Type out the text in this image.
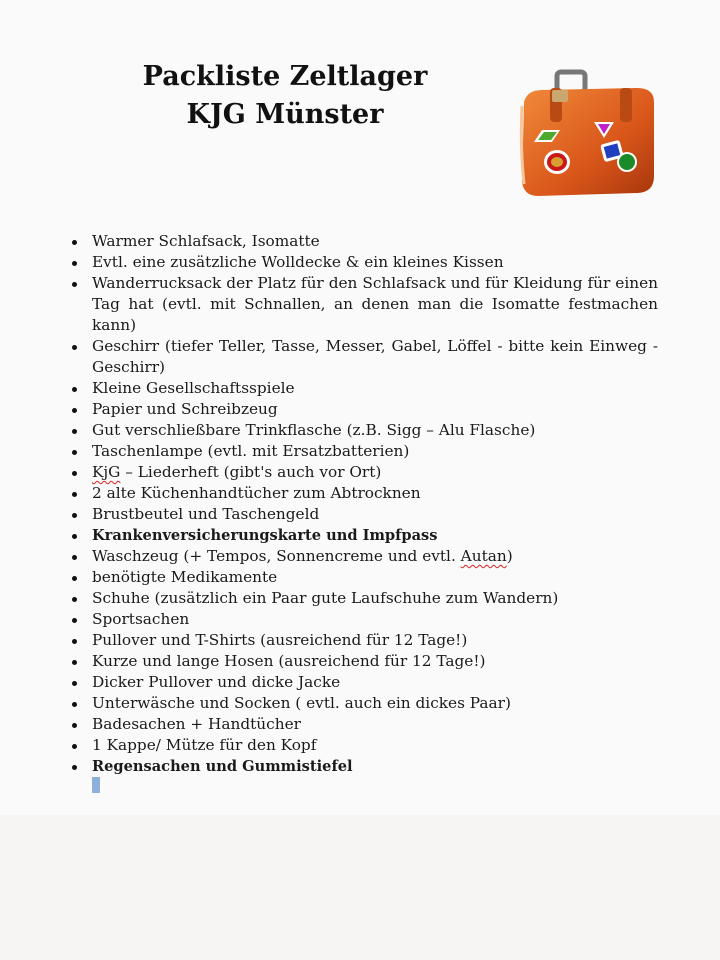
Packliste Zeltlager
KJG Münster
Warmer Schlafsack, Isomatte
Evtl. eine zusätzliche Wolldecke & ein kleines Kissen
Wanderrucksack der Platz für den Schlafsack und für Kleidung für einen Tag hat (evtl. mit Schnallen, an denen man die Isomatte festmachen kann)
Geschirr (tiefer Teller, Tasse, Messer, Gabel, Löffel - bitte kein Einweg - Geschirr)
Kleine Gesellschaftsspiele
Papier und Schreibzeug
Gut verschließbare Trinkflasche (z.B. Sigg – Alu Flasche)
Taschenlampe (evtl. mit Ersatzbatterien)
KjG – Liederheft (gibt's auch vor Ort)
2 alte Küchenhandtücher zum Abtrocknen
Brustbeutel und Taschengeld
Krankenversicherungskarte und Impfpass
Waschzeug (+ Tempos, Sonnencreme und evtl. Autan)
benötigte Medikamente
Schuhe (zusätzlich ein Paar gute Laufschuhe zum Wandern)
Sportsachen
Pullover und T-Shirts (ausreichend für 12 Tage!)
Kurze und lange Hosen (ausreichend für 12 Tage!)
Dicker Pullover und dicke Jacke
Unterwäsche und Socken ( evtl. auch ein dickes Paar)
Badesachen + Handtücher
1 Kappe/ Mütze für den Kopf
Regensachen und Gummistiefel
